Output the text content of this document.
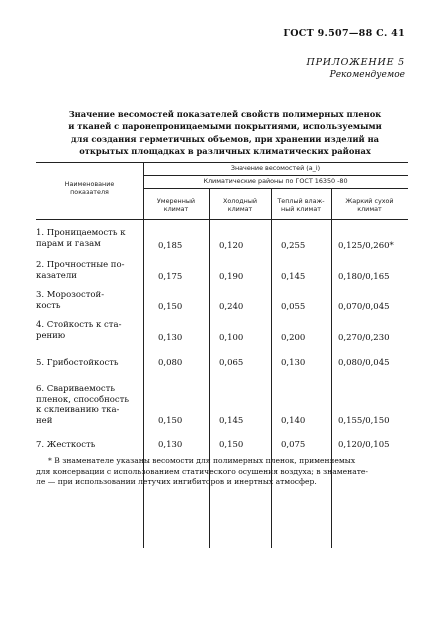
ГОСТ 9.507—88 С. 41
ПРИЛОЖЕНИЕ 5
Рекомендуемое
Значение весомостей показателей свойств полимерных пленок
и тканей с паронепроницаемыми покрытиями, используемыми
для создания герметичных объемов, при хранении изделий на
открытых площадках в различных климатических районах
Наименование
показателя
Значение весомостей (a_i)
Климатические районы по ГОСТ 16350 -80
Умеренный
климат
Холодный
климат
Теплый влаж-
ный климат
Жаркий сухой
климат
1. Проницаемость к
парам и газам	0,185	0,120	0,255	0,125/0,260*
2. Прочностные по-
казатели	0,175	0,190	0,145	0,180/0,165
3. Морозостой-
кость	0,150	0,240	0,055	0,070/0,045
4. Стойкость к ста-
рению	0,130	0,100	0,200	0,270/0,230
5. Грибостойкость	0,080	0,065	0,130	0,080/0,045
6. Свариваемость
пленок, способность
к склеиванию тка-
ней	0,150	0,145	0,140	0,155/0,150
7. Жесткость	0,130	0,150	0,075	0,120/0,105
* В знаменателе указаны весомости для полимерных пленок, применяемых
для консервации с использованием статического осушения воздуха; в знаменате-
ле — при использовании летучих ингибиторов и инертных атмосфер.
